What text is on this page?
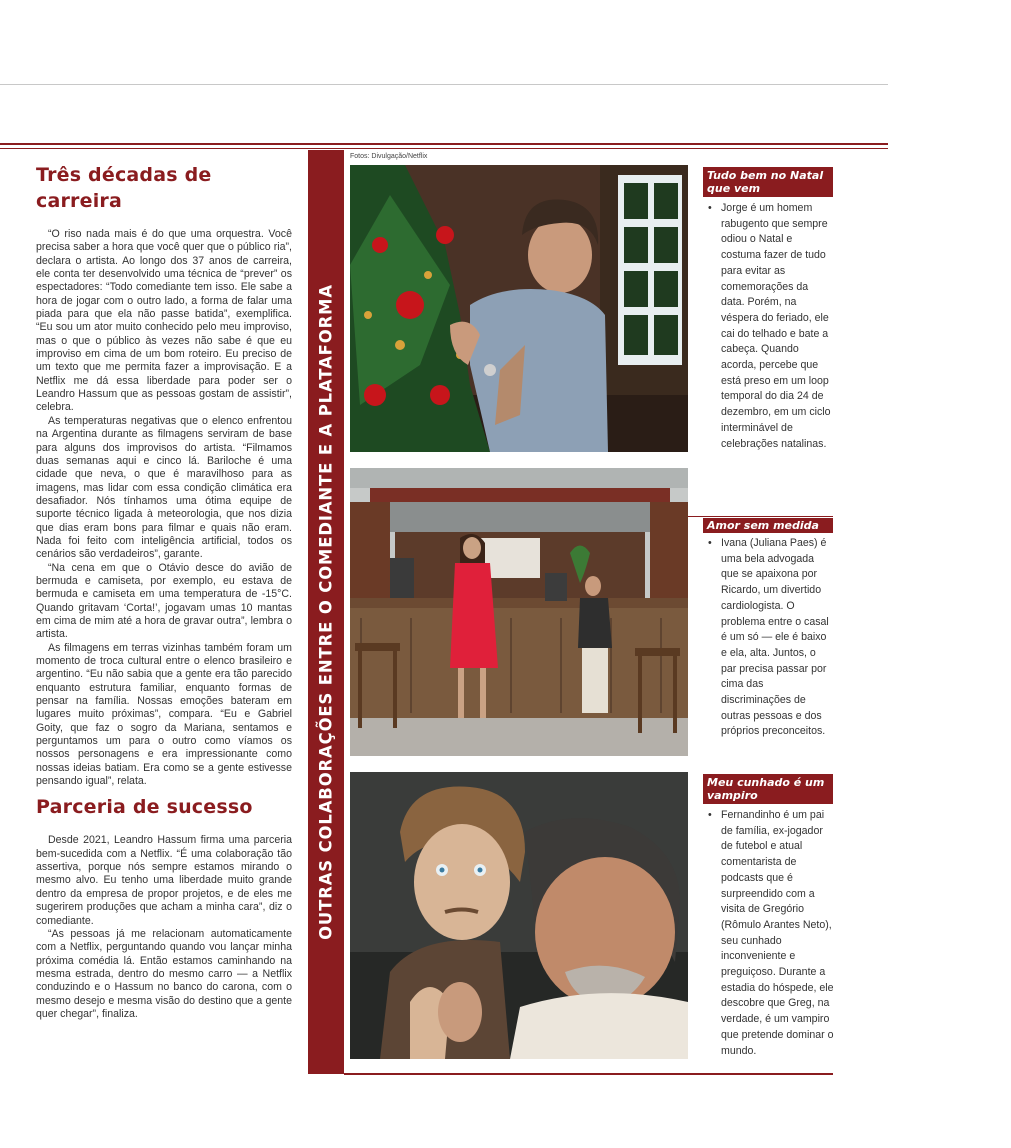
Três décadas de carreira

“O riso nada mais é do que uma orquestra. Você precisa saber a hora que você quer que o público ria”, declara o artista. Ao longo dos 37 anos de carreira, ele conta ter desenvolvido uma técnica de “prever” os espectadores: “Todo comediante tem isso. Ele sabe a hora de jogar com o outro lado, a forma de falar uma piada para que ela não passe batida”, exemplifica. “Eu sou um ator muito conhecido pelo meu improviso, mas o que o público às vezes não sabe é que eu improviso em cima de um bom roteiro. Eu preciso de um texto que me permita fazer a improvisação. E a Netflix me dá essa liberdade para poder ser o Leandro Hassum que as pessoas gostam de assistir”, celebra.

As temperaturas negativas que o elenco enfrentou na Argentina durante as filmagens serviram de base para alguns dos improvisos do artista. “Filmamos duas semanas aqui e cinco lá. Bariloche é uma cidade que neva, o que é maravilhoso para as imagens, mas lidar com essa condição climática era desafiador. Nós tínhamos uma ótima equipe de suporte técnico ligada à meteorologia, que nos dizia que dias eram bons para filmar e quais não eram. Nada foi feito com inteligência artificial, todos os cenários são verdadeiros”, garante.

“Na cena em que o Otávio desce do avião de bermuda e camiseta, por exemplo, eu estava de bermuda e camiseta em uma temperatura de -15°C. Quando gritavam ‘Corta!’, jogavam umas 10 mantas em cima de mim até a hora de gravar outra”, lembra o artista.

As filmagens em terras vizinhas também foram um momento de troca cultural entre o elenco brasileiro e argentino. “Eu não sabia que a gente era tão parecido enquanto estrutura familiar, enquanto formas de pensar na família. Nossas emoções bateram em lugares muito próximas”, compara. “Eu e Gabriel Goity, que faz o sogro da Mariana, sentamos e perguntamos um para o outro como víamos os nossos personagens e era impressionante como nossas ideias batiam. Era como se a gente estivesse pensando igual”, relata.

Parceria de sucesso

Desde 2021, Leandro Hassum firma uma parceria bem-sucedida com a Netflix. “É uma colaboração tão assertiva, porque nós sempre estamos mirando o mesmo alvo. Eu tenho uma liberdade muito grande dentro da empresa de propor projetos, e de eles me sugerirem produções que acham a minha cara”, diz o comediante.

“As pessoas já me relacionam automaticamente com a Netflix, perguntando quando vou lançar minha próxima comédia lá. Então estamos caminhando na mesma estrada, dentro do mesmo carro — a Netflix conduzindo e o Hassum no banco do carona, com o mesmo desejo e mesma visão do destino que a gente quer chegar”, finaliza.

OUTRAS COLABORAÇÕES ENTRE O COMEDIANTE E A PLATAFORMA
Fotos: Divulgação/Netflix
Tudo bem no Natal que vem
• Jorge é um homem rabugento que sempre odiou o Natal e costuma fazer de tudo para evitar as comemorações da data. Porém, na véspera do feriado, ele cai do telhado e bate a cabeça. Quando acorda, percebe que está preso em um loop temporal do dia 24 de dezembro, em um ciclo interminável de celebrações natalinas.
Amor sem medida
• Ivana (Juliana Paes) é uma bela advogada que se apaixona por Ricardo, um divertido cardiologista. O problema entre o casal é um só — ele é baixo e ela, alta. Juntos, o par precisa passar por cima das discriminações de outras pessoas e dos próprios preconceitos.
Meu cunhado é um vampiro
• Fernandinho é um pai de família, ex-jogador de futebol e atual comentarista de podcasts que é surpreendido com a visita de Gregório (Rômulo Arantes Neto), seu cunhado inconveniente e preguiçoso. Durante a estadia do hóspede, ele descobre que Greg, na verdade, é um vampiro que pretende dominar o mundo.
